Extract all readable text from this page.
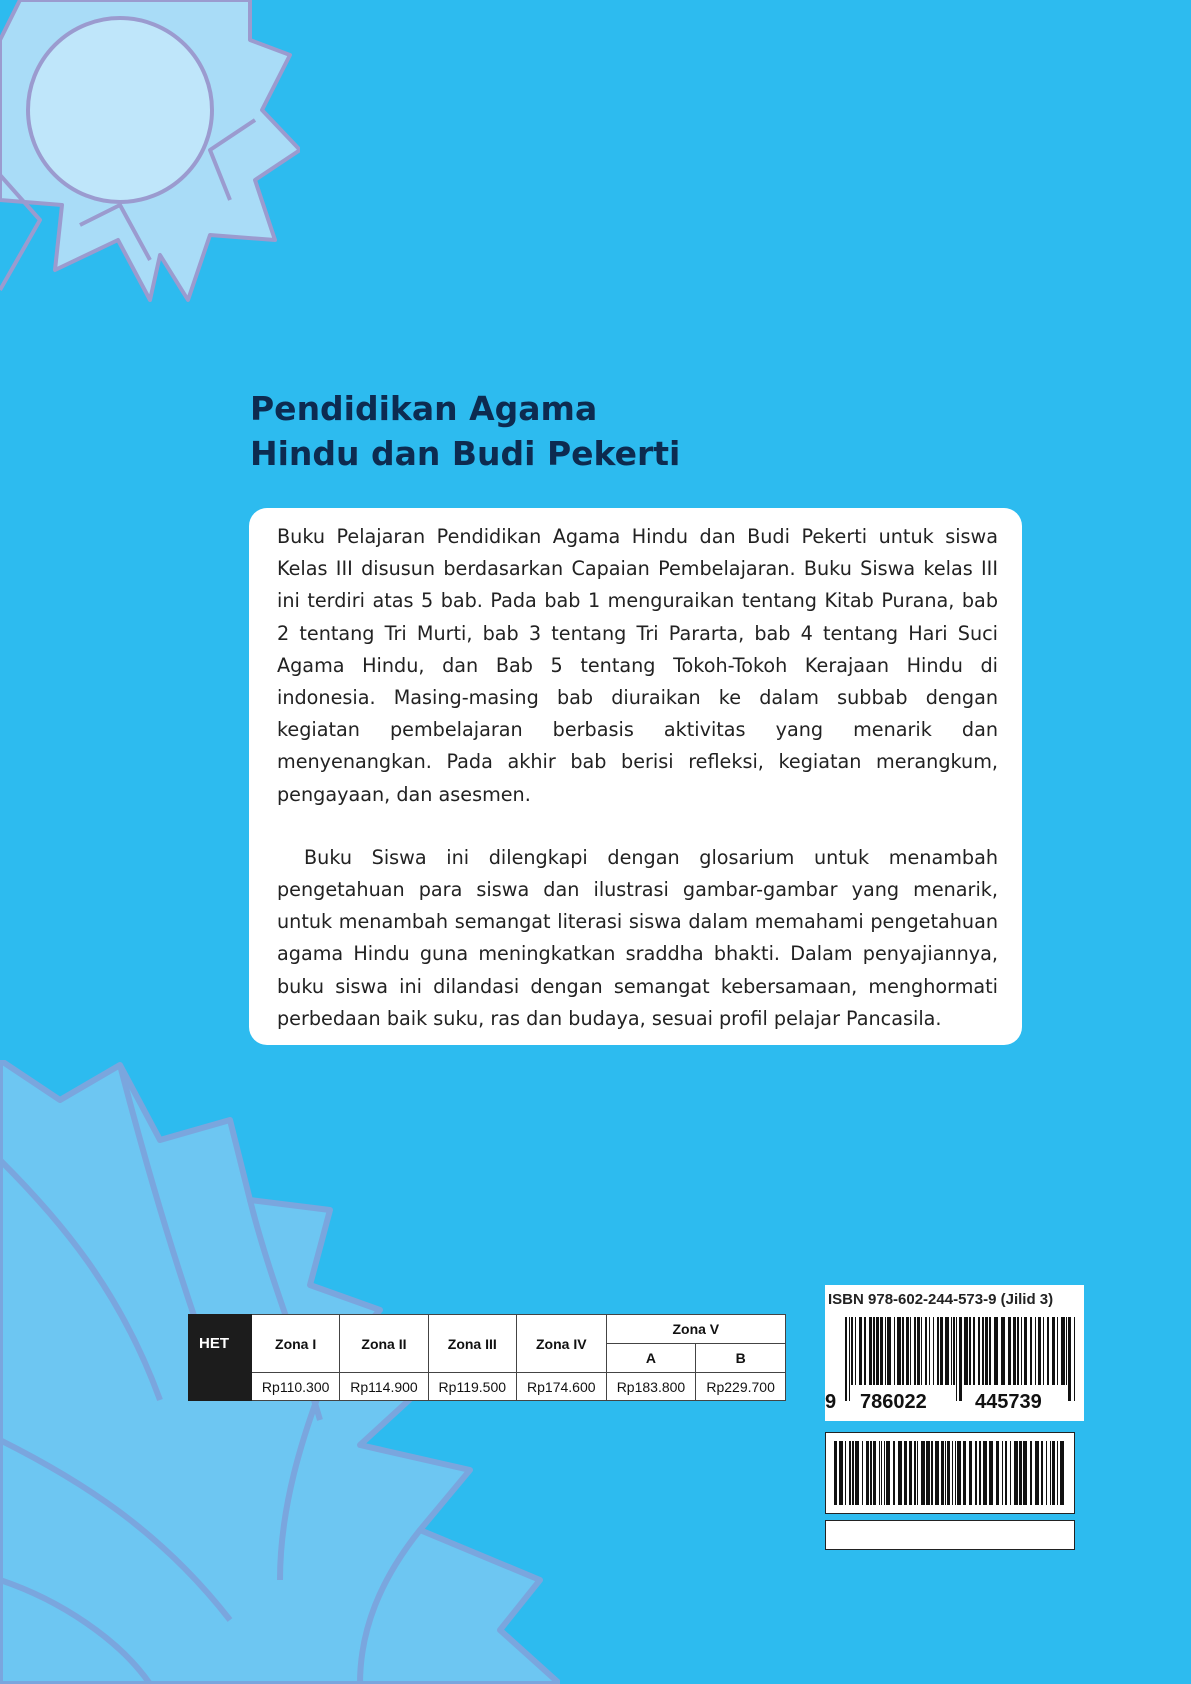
Pendidikan Agama
Hindu dan Budi Pekerti

Buku Pelajaran Pendidikan Agama Hindu dan Budi Pekerti untuk siswa Kelas III disusun berdasarkan Capaian Pembelajaran. Buku Siswa kelas III ini terdiri atas 5 bab. Pada bab 1 menguraikan tentang Kitab Purana, bab 2 tentang Tri Murti, bab 3 tentang Tri Pararta, bab 4 tentang Hari Suci Agama Hindu, dan Bab 5 tentang Tokoh-Tokoh Kerajaan Hindu di indonesia. Masing-masing bab diuraikan ke dalam subbab dengan kegiatan pembelajaran berbasis aktivitas yang menarik dan menyenangkan. Pada akhir bab berisi refleksi, kegiatan merangkum, pengayaan, dan asesmen.

Buku Siswa ini dilengkapi dengan glosarium untuk menambah pengetahuan para siswa dan ilustrasi gambar-gambar yang menarik, untuk menambah semangat literasi siswa dalam memahami pengetahuan agama Hindu guna meningkatkan sraddha bhakti. Dalam penyajiannya, buku siswa ini dilandasi dengan semangat kebersamaan, menghormati perbedaan baik suku, ras dan budaya, sesuai profil pelajar Pancasila.

HET	Zona I	Zona II	Zona III	Zona IV	Zona V	
					A	B
	Rp110.300	Rp114.900	Rp119.500	Rp174.600	Rp183.800	Rp229.700
ISBN 978-602-244-573-9 (Jilid 3)
9 786022 445739
